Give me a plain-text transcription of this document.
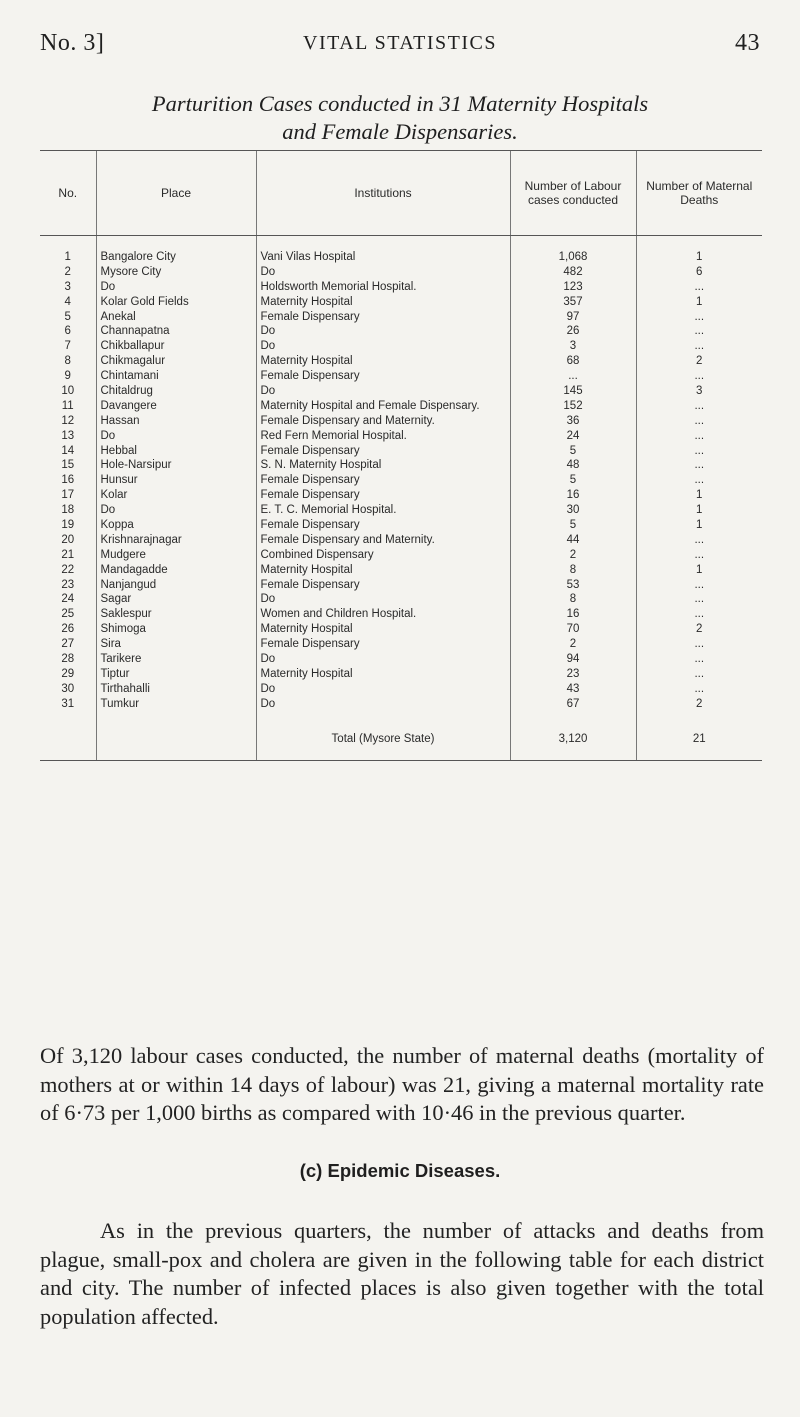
No. 3]	VITAL STATISTICS	43
Parturition Cases conducted in 31 Maternity Hospitals
and Female Dispensaries.
No.	Place	Institutions	Number of Labour cases conducted	Number of Maternal Deaths
1	Bangalore City	Vani Vilas Hospital	1,068	1
2	Mysore City	Do	482	6
3	Do	Holdsworth Memorial Hospital.	123	...
4	Kolar Gold Fields	Maternity Hospital	357	1
5	Anekal	Female Dispensary	97	...
6	Channapatna	Do	26	...
7	Chikballapur	Do	3	...
8	Chikmagalur	Maternity Hospital	68	2
9	Chintamani	Female Dispensary	...	...
10	Chitaldrug	Do	145	3
11	Davangere	Maternity Hospital and Female Dispensary.	152	...
12	Hassan	Female Dispensary and Maternity.	36	...
13	Do	Red Fern Memorial Hospital.	24	...
14	Hebbal	Female Dispensary	5	...
15	Hole-Narsipur	S. N. Maternity Hospital	48	...
16	Hunsur	Female Dispensary	5	...
17	Kolar	Female Dispensary	16	1
18	Do	E. T. C. Memorial Hospital.	30	1
19	Koppa	Female Dispensary	5	1
20	Krishnarajnagar	Female Dispensary and Maternity.	44	...
21	Mudgere	Combined Dispensary	2	...
22	Mandagadde	Maternity Hospital	8	1
23	Nanjangud	Female Dispensary	53	...
24	Sagar	Do	8	...
25	Saklespur	Women and Children Hospital.	16	...
26	Shimoga	Maternity Hospital	70	2
27	Sira	Female Dispensary	2	...
28	Tarikere	Do	94	...
29	Tiptur	Maternity Hospital	23	...
30	Tirthahalli	Do	43	...
31	Tumkur	Do	67	2
		Total (Mysore State)	3,120	21

Of 3,120 labour cases conducted, the number of maternal deaths (mortality of mothers at or within 14 days of labour) was 21, giving a maternal mortality rate of 6·73 per 1,000 births as compared with 10·46 in the previous quarter.

(c) Epidemic Diseases.

As in the previous quarters, the number of attacks and deaths from plague, small-pox and cholera are given in the following table for each district and city. The number of infected places is also given together with the total population affected.
